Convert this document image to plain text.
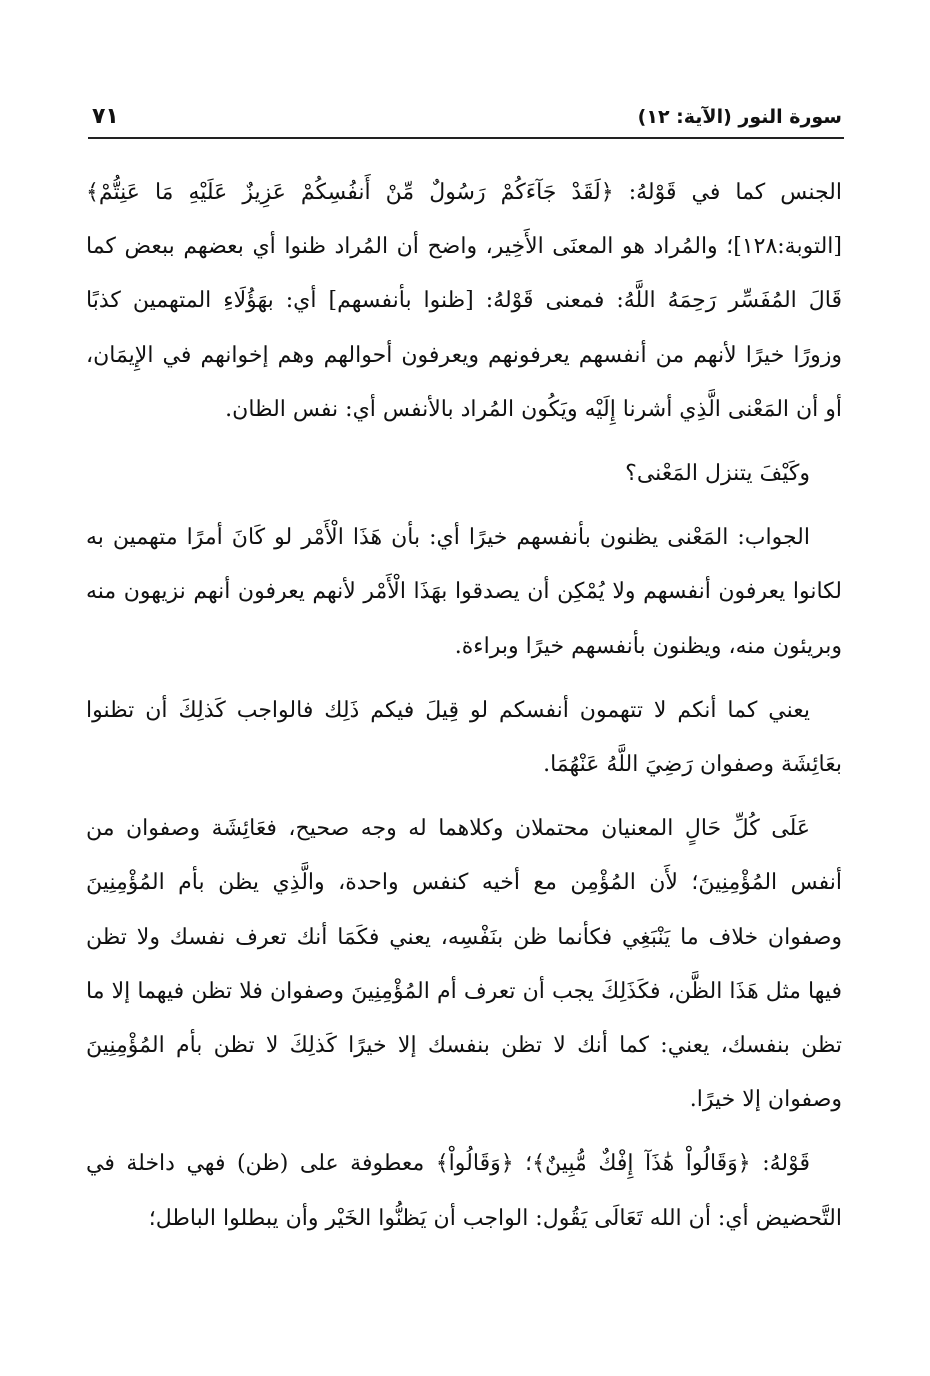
٧١	سورة النور (الآية: ١٢)

الجنس كما في قَوْلهُ: ﴿لَقَدْ جَآءَكُمْ رَسُولٌ مِّنْ أَنفُسِكُمْ عَزِيزٌ عَلَيْهِ مَا عَنِتُّمْ﴾ [التوبة:١٢٨]؛ والمُراد هو المعنَى الأَخِير، واضح أن المُراد ظنوا أي بعضهم ببعض كما قَالَ المُفَسِّر رَحِمَهُ اللَّهُ: فمعنى قَوْلهُ: [ظنوا بأنفسهم] أي: بهَؤُلَاءِ المتهمين كذبًا وزورًا خيرًا لأنهم من أنفسهم يعرفونهم ويعرفون أحوالهم وهم إخوانهم في الإِيمَان، أو أن المَعْنى الَّذِي أشرنا إِلَيْه ويَكُون المُراد بالأنفس أي: نفس الظان.

وكَيْفَ يتنزل المَعْنى؟

الجواب: المَعْنى يظنون بأنفسهم خيرًا أي: بأن هَذَا الْأَمْر لو كَانَ أمرًا متهمين به لكانوا يعرفون أنفسهم ولا يُمْكِن أن يصدقوا بهَذَا الْأَمْر لأنهم يعرفون أنهم نزيهون منه وبريئون منه، ويظنون بأنفسهم خيرًا وبراءة.

يعني كما أنكم لا تتهمون أنفسكم لو قِيلَ فيكم ذَلِك فالواجب كَذلِكَ أن تظنوا بعَائِشَة وصفوان رَضِيَ اللَّهُ عَنْهُمَا.

عَلَى كُلِّ حَالٍ المعنيان محتملان وكلاهما له وجه صحيح، فعَائِشَة وصفوان من أنفس المُؤْمِنِينَ؛ لأَن المُؤْمِن مع أخيه كنفس واحدة، والَّذِي يظن بأم المُؤْمِنِينَ وصفوان خلاف ما يَنْبَغِي فكأنما ظن بنَفْسِه، يعني فكَمَا أنك تعرف نفسك ولا تظن فيها مثل هَذَا الظَّن، فكَذَلِكَ يجب أن تعرف أم المُؤْمِنِينَ وصفوان فلا تظن فيهما إلا ما تظن بنفسك، يعني: كما أنك لا تظن بنفسك إلا خيرًا كَذلِكَ لا تظن بأم المُؤْمِنِينَ وصفوان إلا خيرًا.

قَوْلهُ: ﴿وَقَالُواْ هَٰذَآ إِفْكٌ مُّبِينٌ﴾؛ ﴿وَقَالُواْ﴾ معطوفة على (ظن) فهي داخلة في التَّحضيض أي: أن الله تَعَالَى يَقُول: الواجب أن يَظنُّوا الخَيْر وأن يبطلوا الباطل؛
